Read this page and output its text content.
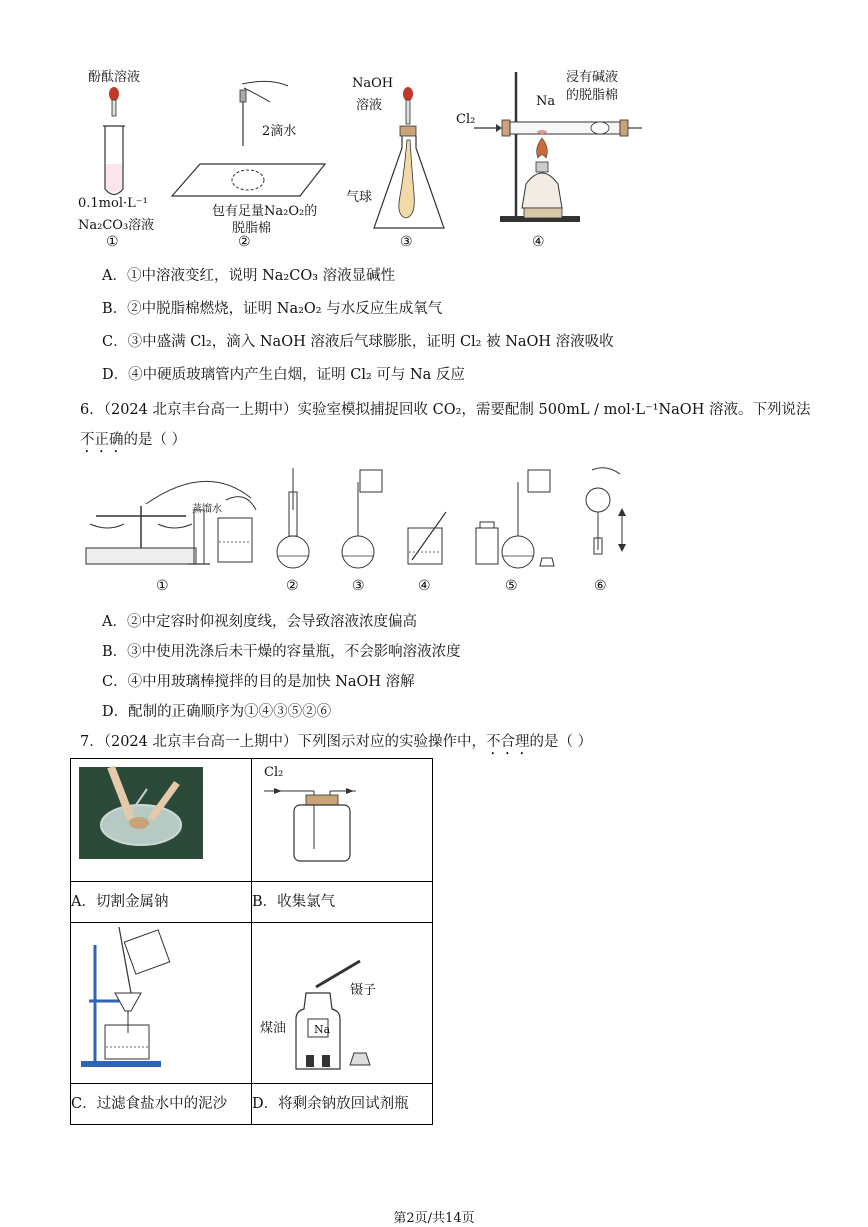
酚酞溶液
0.1mol·L⁻¹
Na₂CO₃溶液
①
2滴水
包有足量Na₂O₂的
脱脂棉
②
NaOH
溶液
气球
③
浸有碱液
的脱脂棉
Cl₂
Na
④
A．①中溶液变红，说明 Na₂CO₃ 溶液显碱性
B．②中脱脂棉燃烧，证明 Na₂O₂ 与水反应生成氧气
C．③中盛满 Cl₂，滴入 NaOH 溶液后气球膨胀，证明 Cl₂ 被 NaOH 溶液吸收
D．④中硬质玻璃管内产生白烟，证明 Cl₂ 可与 Na 反应
6．（2024 北京丰台高一上期中）实验室模拟捕捉回收 CO₂，需要配制 500mL / mol·L⁻¹NaOH 溶液。下列说法
不正确的是（ ）
蒸馏水
①	②	③	④	⑤	⑥
A．②中定容时仰视刻度线，会导致溶液浓度偏高
B．③中使用洗涤后未干燥的容量瓶，不会影响溶液浓度
C．④中用玻璃棒搅拌的目的是加快 NaOH 溶解
D．配制的正确顺序为①④③⑤②⑥
7．（2024 北京丰台高一上期中）下列图示对应的实验操作中，不合理的是（ ）

Cl₂

A．切割金属钠	B．收集氯气

镊子
煤油 Na

C．过滤食盐水中的泥沙	D．将剩余钠放回试剂瓶
第2页/共14页
